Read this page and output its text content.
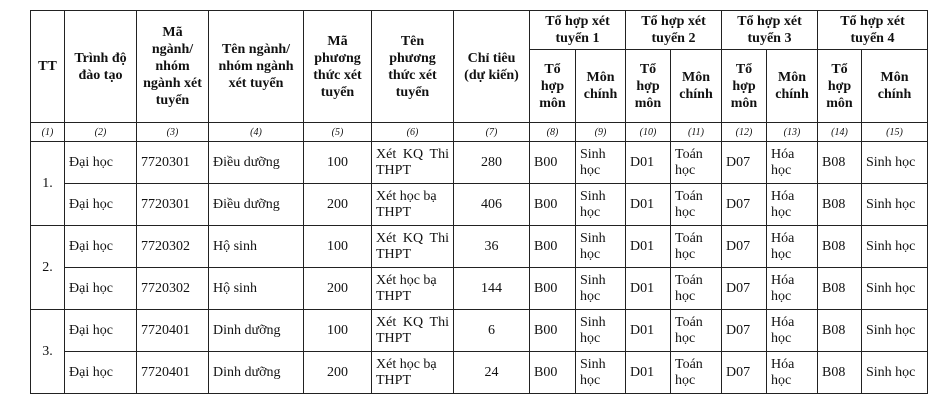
TT	Trình độ đào tạo	Mã ngành/ nhóm ngành xét tuyển	Tên ngành/ nhóm ngành xét tuyển	Mã phương thức xét tuyển	Tên phương thức xét tuyển	Chỉ tiêu (dự kiến)	Tổ hợp xét tuyển 1		Tổ hợp xét tuyển 2		Tổ hợp xét tuyển 3		Tổ hợp xét tuyển 4	
							Tổ hợp môn	Môn chính	Tổ hợp môn	Môn chính	Tổ hợp môn	Môn chính	Tổ hợp môn	Môn chính
(1)	(2)	(3)	(4)	(5)	(6)	(7)	(8)	(9)	(10)	(11)	(12)	(13)	(14)	(15)
1.	Đại học	7720301	Điều dưỡng	100	Xét KQ Thi THPT	280	B00	Sinh học	D01	Toán học	D07	Hóa học	B08	Sinh học
	Đại học	7720301	Điều dưỡng	200	Xét học bạ THPT	406	B00	Sinh học	D01	Toán học	D07	Hóa học	B08	Sinh học
2.	Đại học	7720302	Hộ sinh	100	Xét KQ Thi THPT	36	B00	Sinh học	D01	Toán học	D07	Hóa học	B08	Sinh học
	Đại học	7720302	Hộ sinh	200	Xét học bạ THPT	144	B00	Sinh học	D01	Toán học	D07	Hóa học	B08	Sinh học
3.	Đại học	7720401	Dinh dưỡng	100	Xét KQ Thi THPT	6	B00	Sinh học	D01	Toán học	D07	Hóa học	B08	Sinh học
	Đại học	7720401	Dinh dưỡng	200	Xét học bạ THPT	24	B00	Sinh học	D01	Toán học	D07	Hóa học	B08	Sinh học
